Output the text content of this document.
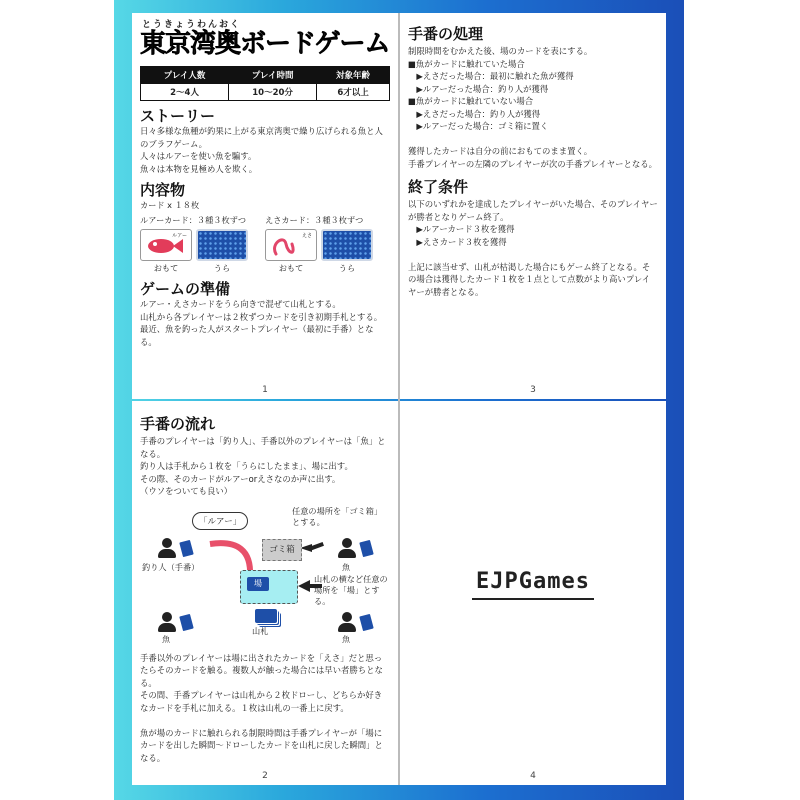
とうきょうわんおく
東京湾奥ボードゲーム
プレイ人数	プレイ時間	対象年齢
2〜4人	10〜20分	6才以上
ストーリー

日々多様な魚種が釣果に上がる東京湾奥で繰り広げられる魚と人のブラフゲーム。
人々はルアーを使い魚を騙す。
魚々は本物を見極め人を欺く。

内容物
カード x １８枚
ルアーカード：３種３枚ずつ
ルアー
おもて	うら
えさカード：３種３枚ずつ
えさ
おもて	うら
ゲームの準備

ルアー・えさカードをうら向きで混ぜて山札とする。
山札から各プレイヤーは２枚ずつカードを引き初期手札とする。
最近、魚を釣った人がスタートプレイヤー（最初に手番）となる。

1
手番の処理

制限時間をむかえた後、場のカードを表にする。
■魚がカードに触れていた場合
　▶えさだった場合：最初に触れた魚が獲得
　▶ルアーだった場合：釣り人が獲得
■魚がカードに触れていない場合
　▶えさだった場合：釣り人が獲得
　▶ルアーだった場合：ゴミ箱に置く

獲得したカードは自分の前におもてのまま置く。
手番プレイヤーの左隣のプレイヤーが次の手番プレイヤーとなる。

終了条件

以下のいずれかを達成したプレイヤーがいた場合、そのプレイヤーが勝者となりゲーム終了。
　▶ルアーカード３枚を獲得
　▶えさカード３枚を獲得

上記に該当せず、山札が枯渇した場合にもゲーム終了となる。その場合は獲得したカード１枚を１点として点数がより高いプレイヤーが勝者となる。

3
手番の流れ

手番のプレイヤーは「釣り人」、手番以外のプレイヤーは「魚」となる。
釣り人は手札から１枚を「うらにしたまま」、場に出す。
その際、そのカードがルアーorえさなのか声に出す。
（ウソをついても良い）

「ルアー」
任意の場所を「ゴミ箱」とする。
ゴミ箱
場	山札の横など任意の場所を「場」とする。
山札
釣り人（手番）	魚
魚	魚

手番以外のプレイヤーは場に出されたカードを「えさ」だと思ったらそのカードを触る。複数人が触った場合には早い者勝ちとなる。
その間、手番プレイヤーは山札から２枚ドローし、どちらか好きなカードを手札に加える。１枚は山札の一番上に戻す。

魚が場のカードに触れられる制限時間は手番プレイヤーが「場にカードを出した瞬間〜ドローしたカードを山札に戻した瞬間」となる。

2
EJPGames
4
